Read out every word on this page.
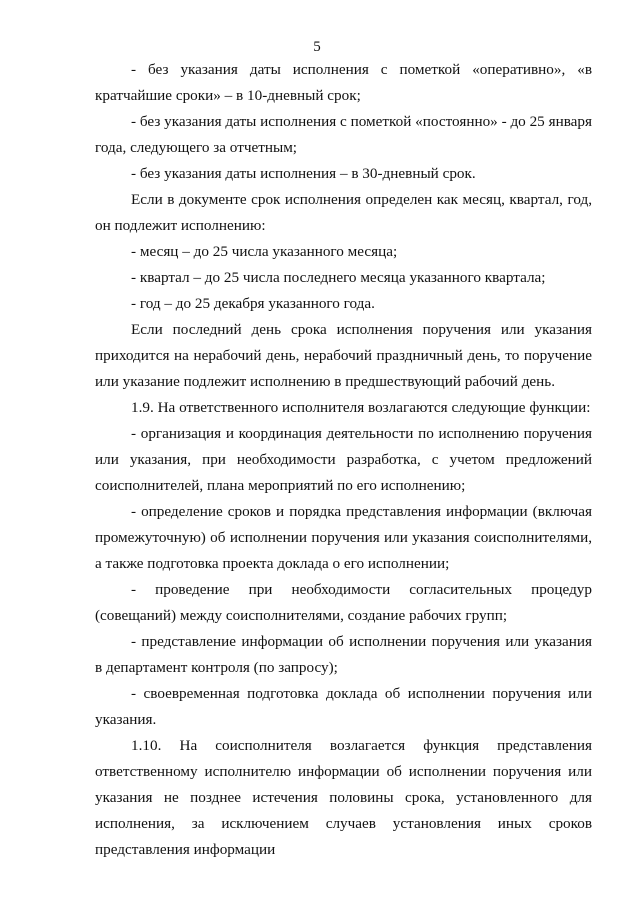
5

- без указания даты исполнения с пометкой «оперативно», «в кратчайшие сроки» – в 10-дневный срок;

- без указания даты исполнения с пометкой «постоянно» - до 25 января года, следующего за отчетным;

- без указания даты исполнения – в 30-дневный срок.

Если в документе срок исполнения определен как месяц, квартал, год, он подлежит исполнению:

- месяц – до 25 числа указанного месяца;

- квартал – до 25 числа последнего месяца указанного квартала;

- год – до 25 декабря указанного года.

Если последний день срока исполнения поручения или указания приходится на нерабочий день, нерабочий праздничный день, то поручение или указание подлежит исполнению в предшествующий рабочий день.

1.9. На ответственного исполнителя возлагаются следующие функции:

- организация и координация деятельности по исполнению поручения или указания, при необходимости разработка, с учетом предложений соисполнителей, плана мероприятий по его исполнению;

- определение сроков и порядка представления информации (включая промежуточную) об исполнении поручения или указания соисполнителями, а также подготовка проекта доклада о его исполнении;

- проведение при необходимости согласительных процедур (совещаний) между соисполнителями, создание рабочих групп;

- представление информации об исполнении поручения или указания в департамент контроля (по запросу);

- своевременная подготовка доклада об исполнении поручения или указания.

1.10. На соисполнителя возлагается функция представления ответственному исполнителю информации об исполнении поручения или указания не позднее истечения половины срока, установленного для исполнения, за исключением случаев установления иных сроков представления информации
